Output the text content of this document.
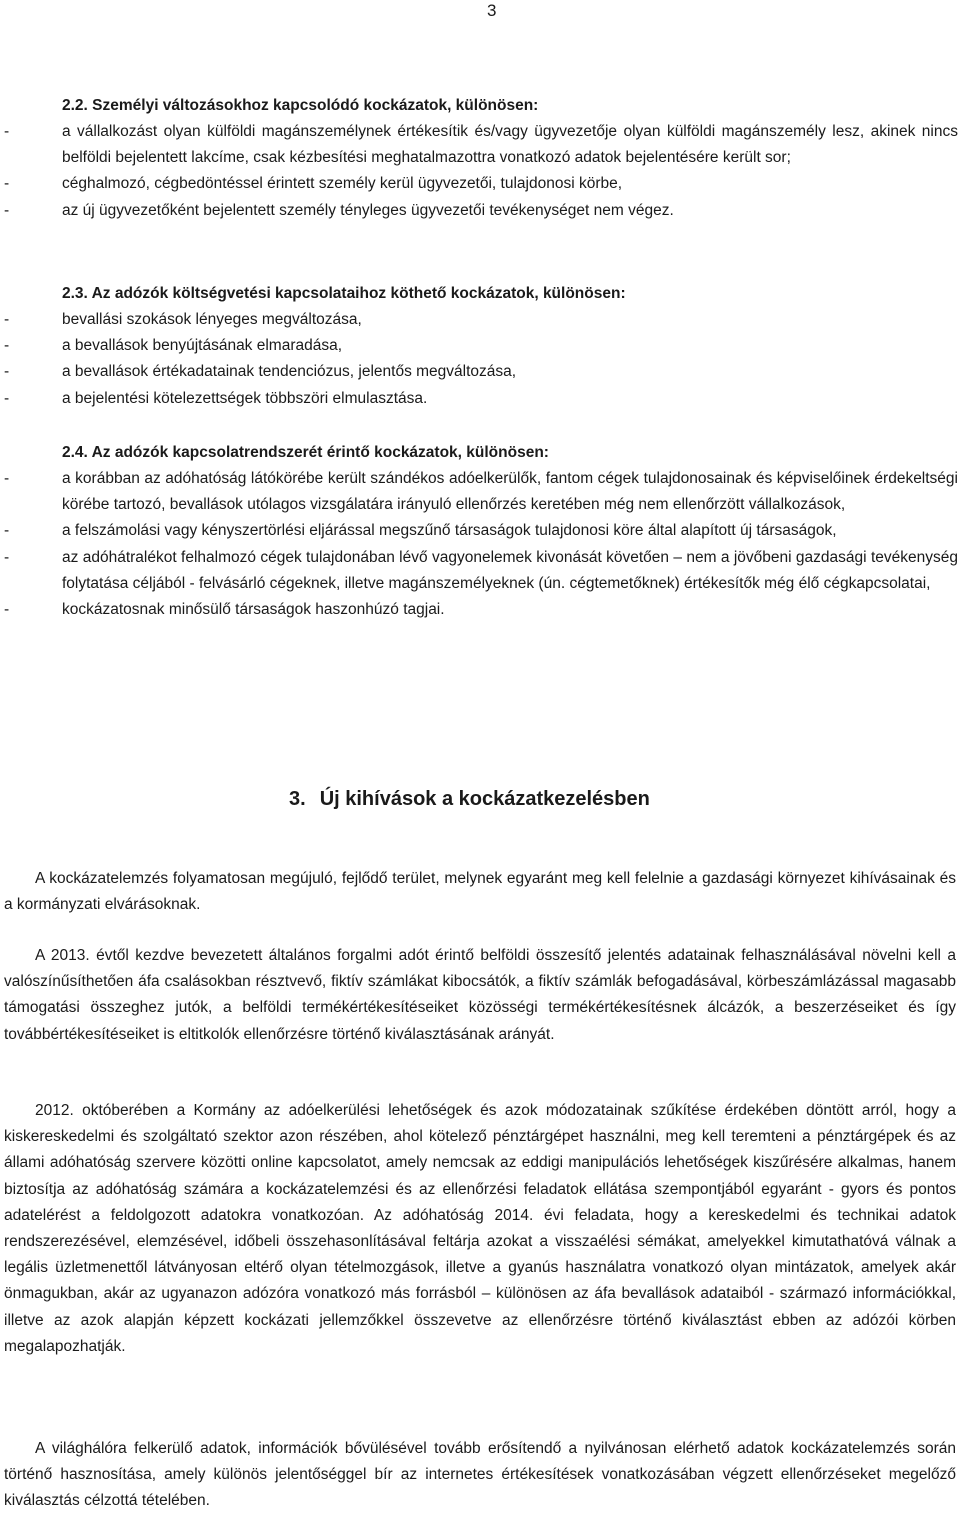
3
2.2. Személyi változásokhoz kapcsolódó kockázatok, különösen:
-	a vállalkozást olyan külföldi magánszemélynek értékesítik és/vagy ügyvezetője olyan külföldi magánszemély lesz, akinek nincs belföldi bejelentett lakcíme, csak kézbesítési meghatalmazottra vonatkozó adatok bejelentésére került sor;
-	céghalmozó, cégbedöntéssel érintett személy kerül ügyvezetői, tulajdonosi körbe,
-	az új ügyvezetőként bejelentett személy tényleges ügyvezetői tevékenységet nem végez.
2.3. Az adózók költségvetési kapcsolataihoz köthető kockázatok, különösen:
-	bevallási szokások lényeges megváltozása,
-	a bevallások benyújtásának elmaradása,
-	a bevallások értékadatainak tendenciózus, jelentős megváltozása,
-	a bejelentési kötelezettségek többszöri elmulasztása.
2.4. Az adózók kapcsolatrendszerét érintő kockázatok, különösen:
-	a korábban az adóhatóság látókörébe került szándékos adóelkerülők, fantom cégek tulajdonosainak és képviselőinek érdekeltségi körébe tartozó, bevallások utólagos vizsgálatára irányuló ellenőrzés keretében még nem ellenőrzött vállalkozások,
-	a felszámolási vagy kényszertörlési eljárással megszűnő társaságok tulajdonosi köre által alapított új társaságok,
-	az adóhátralékot felhalmozó cégek tulajdonában lévő vagyonelemek kivonását követően – nem a jövőbeni gazdasági tevékenység folytatása céljából - felvásárló cégeknek, illetve magánszemélyeknek (ún. cégtemetőknek) értékesítők még élő cégkapcsolatai,
-	kockázatosnak minősülő társaságok haszonhúzó tagjai.
3. Új kihívások a kockázatkezelésben
A kockázatelemzés folyamatosan megújuló, fejlődő terület, melynek egyaránt meg kell felelnie a gazdasági környezet kihívásainak és a kormányzati elvárásoknak.
A 2013. évtől kezdve bevezetett általános forgalmi adót érintő belföldi összesítő jelentés adatainak felhasználásával növelni kell a valószínűsíthetően áfa csalásokban résztvevő, fiktív számlákat kibocsátók, a fiktív számlák befogadásával, körbeszámlázással magasabb támogatási összeghez jutók, a belföldi termékértékesítéseiket közösségi termékértékesítésnek álcázók, a beszerzéseiket és így továbbértékesítéseiket is eltitkolók ellenőrzésre történő kiválasztásának arányát.
2012. októberében a Kormány az adóelkerülési lehetőségek és azok módozatainak szűkítése érdekében döntött arról, hogy a kiskereskedelmi és szolgáltató szektor azon részében, ahol kötelező pénztárgépet használni, meg kell teremteni a pénztárgépek és az állami adóhatóság szervere közötti online kapcsolatot, amely nemcsak az eddigi manipulációs lehetőségek kiszűrésére alkalmas, hanem biztosítja az adóhatóság számára a kockázatelemzési és az ellenőrzési feladatok ellátása szempontjából egyaránt - gyors és pontos adatelérést a feldolgozott adatokra vonatkozóan. Az adóhatóság 2014. évi feladata, hogy a kereskedelmi és technikai adatok rendszerezésével, elemzésével, időbeli összehasonlításával feltárja azokat a visszaélési sémákat, amelyekkel kimutathatóvá válnak a legális üzletmenettől látványosan eltérő olyan tételmozgások, illetve a gyanús használatra vonatkozó olyan mintázatok, amelyek akár önmagukban, akár az ugyanazon adózóra vonatkozó más forrásból – különösen az áfa bevallások adataiból - származó információkkal, illetve az azok alapján képzett kockázati jellemzőkkel összevetve az ellenőrzésre történő kiválasztást ebben az adózói körben megalapozhatják.
A világhálóra felkerülő adatok, információk bővülésével tovább erősítendő a nyilvánosan elérhető adatok kockázatelemzés során történő hasznosítása, amely különös jelentőséggel bír az internetes értékesítések vonatkozásában végzett ellenőrzéseket megelőző kiválasztás célzottá tételében.
